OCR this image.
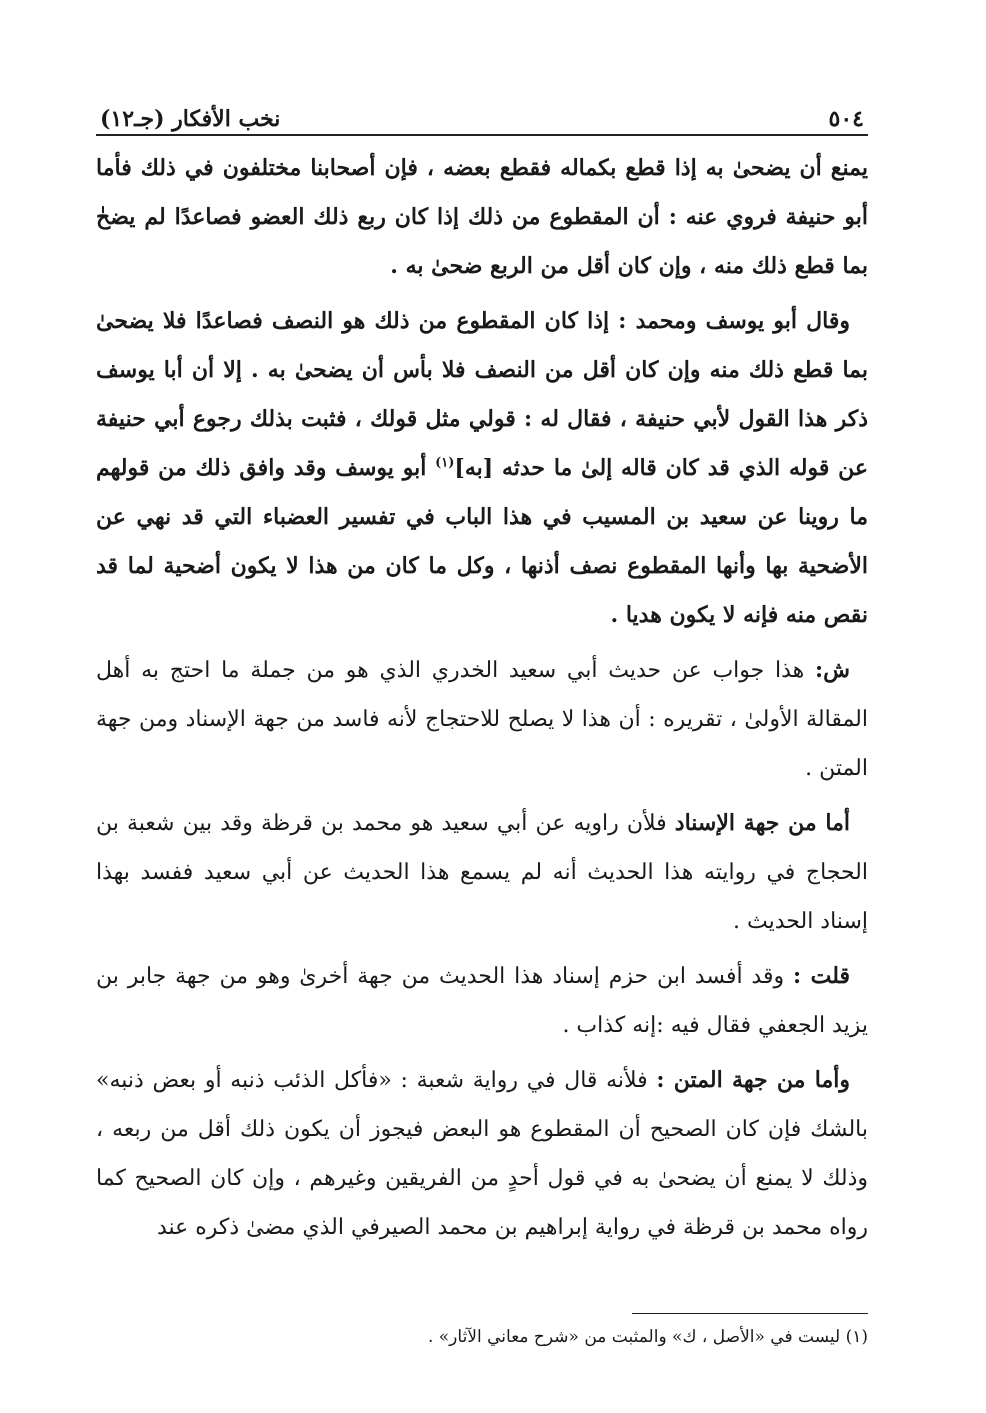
٥٠٤
نخب الأفكار (جـ١٢)

يمنع أن يضحىٰ به إذا قطع بكماله فقطع بعضه ، فإن أصحابنا مختلفون في ذلك فأما أبو حنيفة فروي عنه : أن المقطوع من ذلك إذا كان ربع ذلك العضو فصاعدًا لم يضحٰ بما قطع ذلك منه ، وإن كان أقل من الربع ضحىٰ به .

وقال أبو يوسف ومحمد : إذا كان المقطوع من ذلك هو النصف فصاعدًا فلا يضحىٰ بما قطع ذلك منه وإن كان أقل من النصف فلا بأس أن يضحىٰ به . إلا أن أبا يوسف ذكر هذا القول لأبي حنيفة ، فقال له : قولي مثل قولك ، فثبت بذلك رجوع أبي حنيفة عن قوله الذي قد كان قاله إلىٰ ما حدثه [به]$^{(١)}$ أبو يوسف وقد وافق ذلك من قولهم ما روينا عن سعيد بن المسيب في هذا الباب في تفسير العضباء التي قد نهي عن الأضحية بها وأنها المقطوع نصف أذنها ، وكل ما كان من هذا لا يكون أضحية لما قد نقص منه فإنه لا يكون هديا .

ش: هذا جواب عن حديث أبي سعيد الخدري الذي هو من جملة ما احتج به أهل المقالة الأولىٰ ، تقريره : أن هذا لا يصلح للاحتجاج لأنه فاسد من جهة الإسناد ومن جهة المتن .

أما من جهة الإسناد فلأن راويه عن أبي سعيد هو محمد بن قرظة وقد بين شعبة بن الحجاج في روايته هذا الحديث أنه لم يسمع هذا الحديث عن أبي سعيد ففسد بهذا إسناد الحديث .

قلت : وقد أفسد ابن حزم إسناد هذا الحديث من جهة أخرىٰ وهو من جهة جابر بن يزيد الجعفي فقال فيه :إنه كذاب .

وأما من جهة المتن : فلأنه قال في رواية شعبة : «فأكل الذئب ذنبه أو بعض ذنبه» بالشك فإن كان الصحيح أن المقطوع هو البعض فيجوز أن يكون ذلك أقل من ربعه ، وذلك لا يمنع أن يضحىٰ به في قول أحدٍ من الفريقين وغيرهم ، وإن كان الصحيح كما رواه محمد بن قرظة في رواية إبراهيم بن محمد الصيرفي الذي مضىٰ ذكره عند

(١) ليست في «الأصل ، ك» والمثبت من «شرح معاني الآثار» .
